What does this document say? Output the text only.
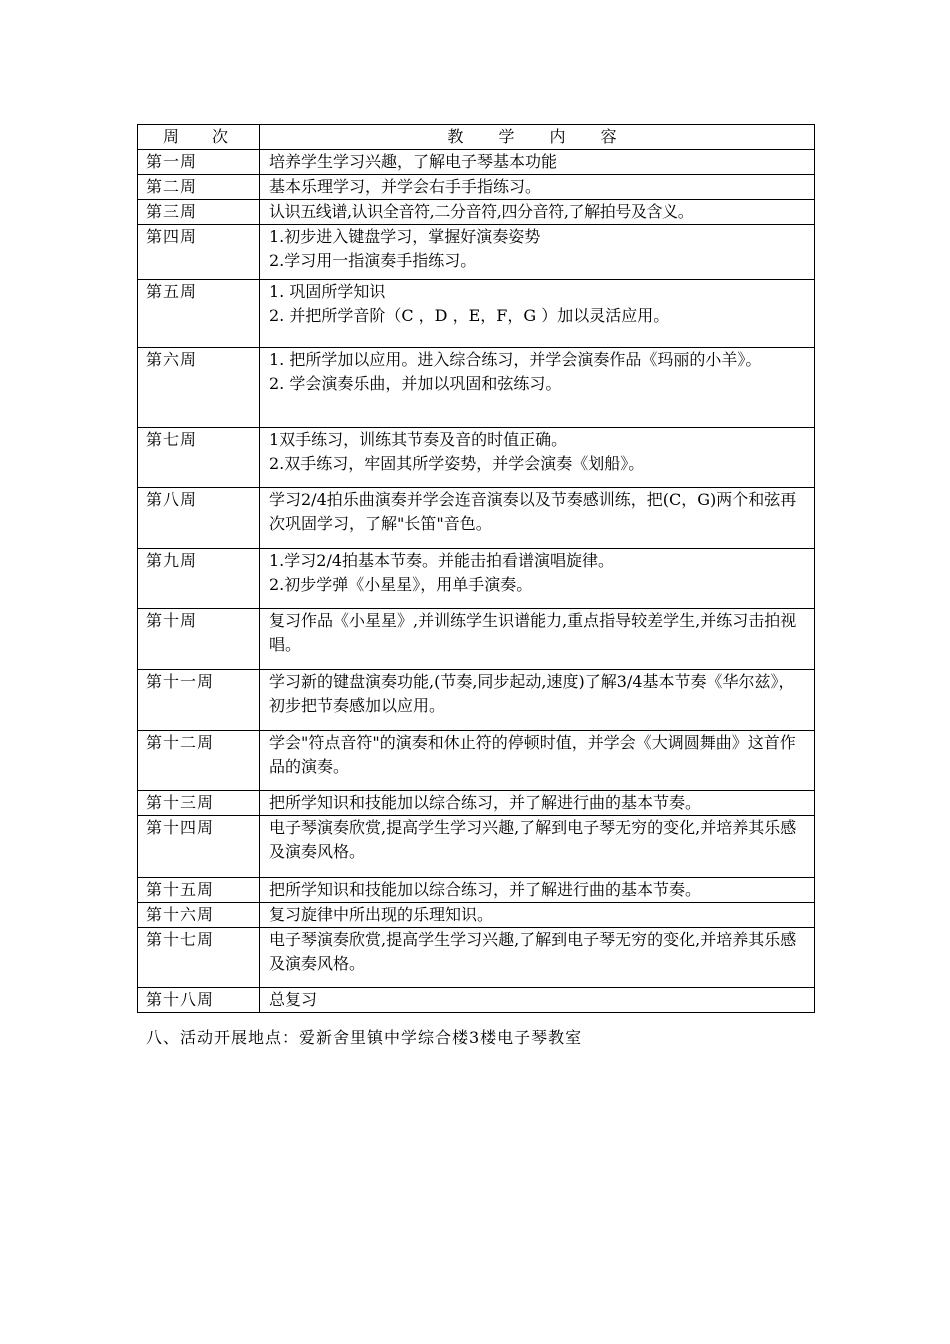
周 次	教 学 内 容
第一周	培养学生学习兴趣，了解电子琴基本功能

第二周	基本乐理学习，并学会右手手指练习。

第三周	认识五线谱,认识全音符,二分音符,四分音符,了解拍号及含义。

第四周	1.初步进入键盘学习，掌握好演奏姿势
2.学习用一指演奏手指练习。

第五周	1. 巩固所学知识
2. 并把所学音阶（C ，D ，E，F，G ）加以灵活应用。

第六周	1. 把所学加以应用。进入综合练习，并学会演奏作品《玛丽的小羊》。
2. 学会演奏乐曲，并加以巩固和弦练习。

第七周	1双手练习，训练其节奏及音的时值正确。
2.双手练习，牢固其所学姿势，并学会演奏《划船》。

第八周	学习2/4拍乐曲演奏并学会连音演奏以及节奏感训练，把(C，G)两个和弦再次巩固学习，了解"长笛"音色。

第九周	1.学习2/4拍基本节奏。并能击拍看谱演唱旋律。
2.初步学弹《小星星》，用单手演奏。

第十周	复习作品《小星星》,并训练学生识谱能力,重点指导较差学生,并练习击拍视唱。

第十一周	学习新的键盘演奏功能,(节奏,同步起动,速度)了解3/4基本节奏《华尔兹》，初步把节奏感加以应用。

第十二周	学会"符点音符"的演奏和休止符的停顿时值，并学会《大调圆舞曲》这首作品的演奏。

第十三周	把所学知识和技能加以综合练习，并了解进行曲的基本节奏。

第十四周	电子琴演奏欣赏,提高学生学习兴趣,了解到电子琴无穷的变化,并培养其乐感及演奏风格。

第十五周	把所学知识和技能加以综合练习，并了解进行曲的基本节奏。

第十六周	复习旋律中所出现的乐理知识。

第十七周	电子琴演奏欣赏,提高学生学习兴趣,了解到电子琴无穷的变化,并培养其乐感及演奏风格。

第十八周	总复习
八、活动开展地点：爱新舍里镇中学综合楼3楼电子琴教室
